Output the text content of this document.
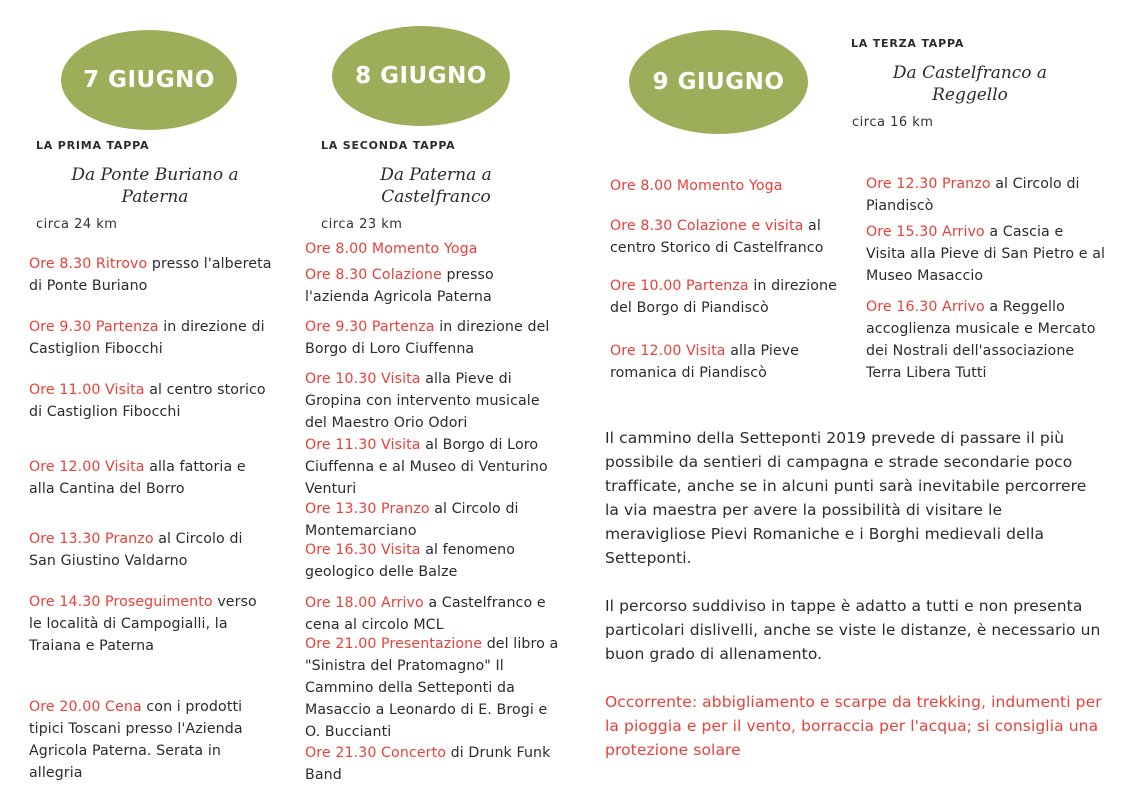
7 GIUGNO
LA PRIMA TAPPA
Da Ponte Buriano a
Paterna
circa 24 km
Ore 8.30 Ritrovo presso l'albereta di Ponte Buriano
Ore 9.30 Partenza in direzione di Castiglion Fibocchi
Ore 11.00 Visita al centro storico di Castiglion Fibocchi
Ore 12.00 Visita alla fattoria e alla Cantina del Borro
Ore 13.30 Pranzo al Circolo di San Giustino Valdarno
Ore 14.30 Proseguimento verso le località di Campogialli, la Traiana e Paterna
Ore 20.00 Cena con i prodotti tipici Toscani presso l'Azienda Agricola Paterna. Serata in allegria
8 GIUGNO
LA SECONDA TAPPA
Da Paterna a
Castelfranco
circa 23 km
Ore 8.00 Momento Yoga
Ore 8.30 Colazione presso l'azienda Agricola Paterna
Ore 9.30 Partenza in direzione del Borgo di Loro Ciuffenna
Ore 10.30 Visita alla Pieve di Gropina con intervento musicale del Maestro Orio Odori
Ore 11.30 Visita al Borgo di Loro Ciuffenna e al Museo di Venturino Venturi
Ore 13.30 Pranzo al Circolo di Montemarciano
Ore 16.30 Visita al fenomeno geologico delle Balze
Ore 18.00 Arrivo a Castelfranco e cena al circolo MCL
Ore 21.00 Presentazione del libro a "Sinistra del Pratomagno" Il Cammino della Setteponti da Masaccio a Leonardo di E. Brogi e O. Buccianti
Ore 21.30 Concerto di Drunk Funk Band
9 GIUGNO
LA TERZA TAPPA
Da Castelfranco a
Reggello
circa 16 km
Ore 8.00 Momento Yoga
Ore 8.30 Colazione e visita al centro Storico di Castelfranco
Ore 10.00 Partenza in direzione del Borgo di Piandiscò
Ore 12.00 Visita alla Pieve romanica di Piandiscò
Ore 12.30 Pranzo al Circolo di Piandiscò
Ore 15.30 Arrivo a Cascia e Visita alla Pieve di San Pietro e al Museo Masaccio
Ore 16.30 Arrivo a Reggello accoglienza musicale e Mercato dei Nostrali dell'associazione Terra Libera Tutti
Il cammino della Setteponti 2019 prevede di passare il più possibile da sentieri di campagna e strade secondarie poco trafficate, anche se in alcuni punti sarà inevitabile percorrere la via maestra per avere la possibilità di visitare le meravigliose Pievi Romaniche e i Borghi medievali della Setteponti.
Il percorso suddiviso in tappe è adatto a tutti e non presenta particolari dislivelli, anche se viste le distanze, è necessario un buon grado di allenamento.
Occorrente: abbigliamento e scarpe da trekking, indumenti per la pioggia e per il vento, borraccia per l'acqua; si consiglia una protezione solare
